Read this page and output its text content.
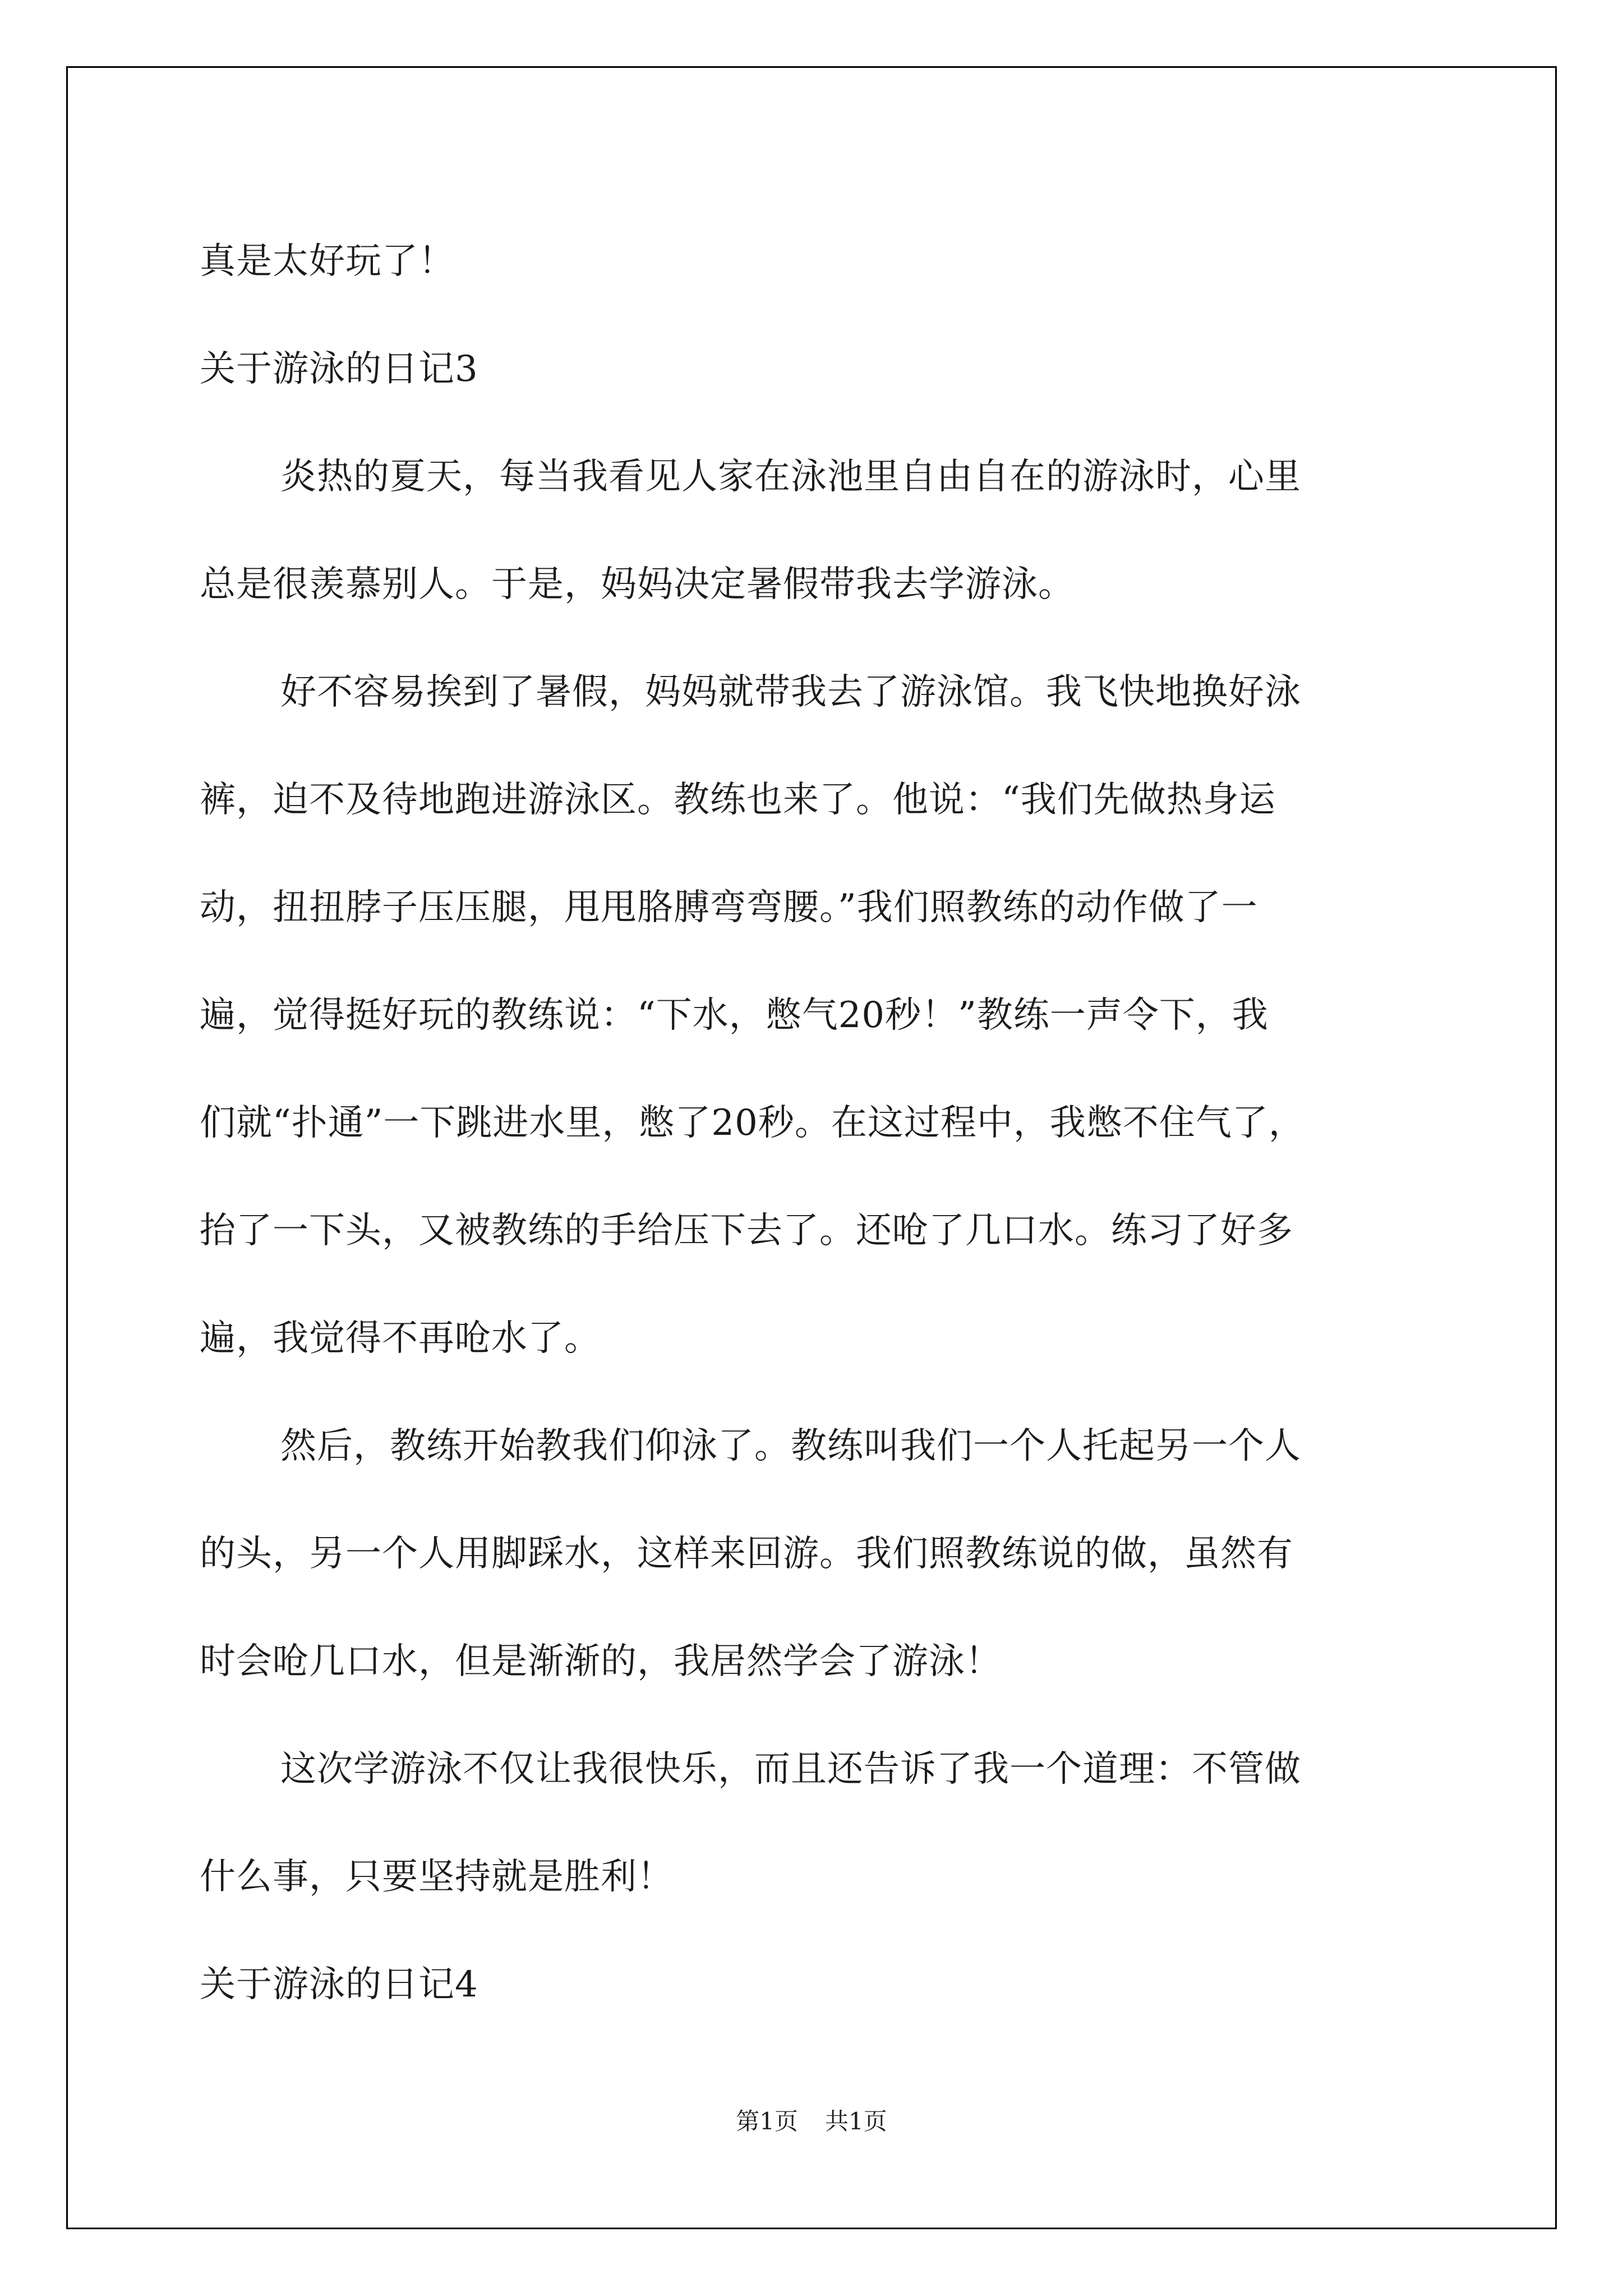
真是太好玩了！
关于游泳的日记3
炎热的夏天，每当我看见人家在泳池里自由自在的游泳时，心里
总是很羡慕别人。于是，妈妈决定暑假带我去学游泳。
好不容易挨到了暑假，妈妈就带我去了游泳馆。我飞快地换好泳
裤，迫不及待地跑进游泳区。教练也来了。他说：“我们先做热身运
动，扭扭脖子压压腿，甩甩胳膊弯弯腰。”我们照教练的动作做了一
遍，觉得挺好玩的教练说：“下水，憋气20秒！”教练一声令下，我
们就“扑通”一下跳进水里，憋了20秒。在这过程中，我憋不住气了，
抬了一下头，又被教练的手给压下去了。还呛了几口水。练习了好多
遍，我觉得不再呛水了。
然后，教练开始教我们仰泳了。教练叫我们一个人托起另一个人
的头，另一个人用脚踩水，这样来回游。我们照教练说的做，虽然有
时会呛几口水，但是渐渐的，我居然学会了游泳！
这次学游泳不仅让我很快乐，而且还告诉了我一个道理：不管做
什么事，只要坚持就是胜利！
关于游泳的日记4
第1页 共1页
